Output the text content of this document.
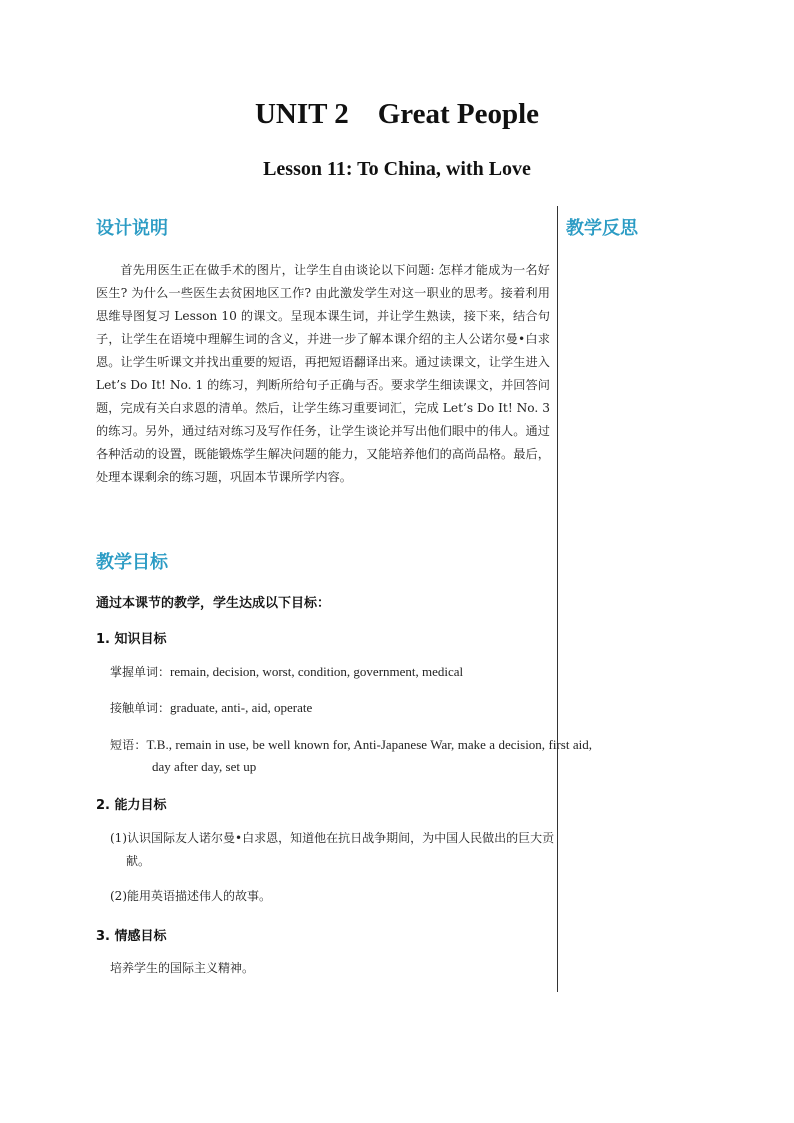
UNIT 2    Great People
Lesson 11: To China, with Love
设计说明	教学反思
首先用医生正在做手术的图片，让学生自由谈论以下问题: 怎样才能成为一名好医生? 为什么一些医生去贫困地区工作? 由此激发学生对这一职业的思考。接着利用思维导图复习 Lesson 10 的课文。呈现本课生词，并让学生熟读，接下来，结合句子，让学生在语境中理解生词的含义，并进一步了解本课介绍的主人公诺尔曼•白求恩。让学生听课文并找出重要的短语，再把短语翻译出来。通过读课文，让学生进入 Let’s Do It! No. 1 的练习，判断所给句子正确与否。要求学生细读课文，并回答问题，完成有关白求恩的清单。然后，让学生练习重要词汇，完成 Let’s Do It! No. 3 的练习。另外，通过结对练习及写作任务，让学生谈论并写出他们眼中的伟人。通过各种活动的设置，既能锻炼学生解决问题的能力，又能培养他们的高尚品格。最后，处理本课剩余的练习题，巩固本节课所学内容。
教学目标
通过本课节的教学，学生达成以下目标：
1. 知识目标
掌握单词：remain, decision, worst, condition, government, medical
接触单词：graduate, anti-, aid, operate
短语：T.B., remain in use, be well known for, Anti-Japanese War, make a decision, first aid, day after day, set up
2. 能力目标
(1)认识国际友人诺尔曼•白求恩，知道他在抗日战争期间，为中国人民做出的巨大贡献。
(2)能用英语描述伟人的故事。
3. 情感目标
培养学生的国际主义精神。
